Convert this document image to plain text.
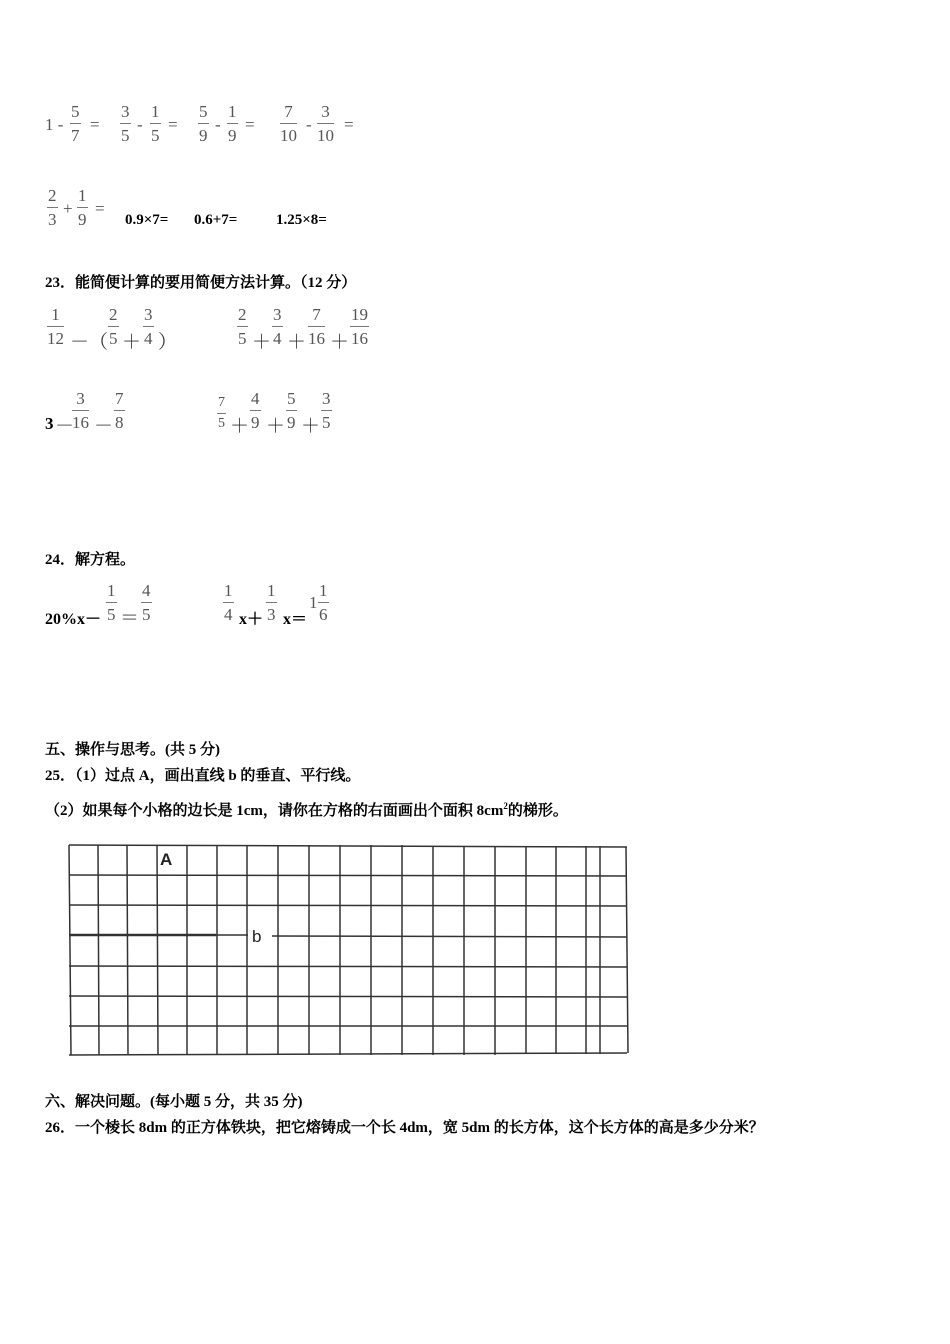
1 -
5
7
=
3
5
-
1
5
=
5
9
-
1
9
=
7
10
-
3
10
=
2
3
+
1
9
=
0.9×7= 0.6+7=	1.25×8=
23．能简便计算的要用简便方法计算。（12 分）
1
12 －（
2
5 ＋
3
4 ）
2
5 ＋
3
4 ＋
7
16 ＋
19
16
3 －
3
16 －
7
8
7
5 ＋
4
9 ＋
5
9 ＋
3
5
24．解方程。
20%x－
1
5 ＝
4
5
1
4 x＋
1
3 x＝
1
1
6
五、操作与思考。(共 5 分)
25．（1）过点 A，画出直线 b 的垂直、平行线。
（2）如果每个小格的边长是 1cm，请你在方格的右面画出个面积 $8cm^2$的梯形。
A
b
六、解决问题。(每小题 5 分，共 35 分)
26．一个棱长 8dm 的正方体铁块，把它熔铸成一个长 4dm，宽 5dm 的长方体，这个长方体的高是多少分米？
